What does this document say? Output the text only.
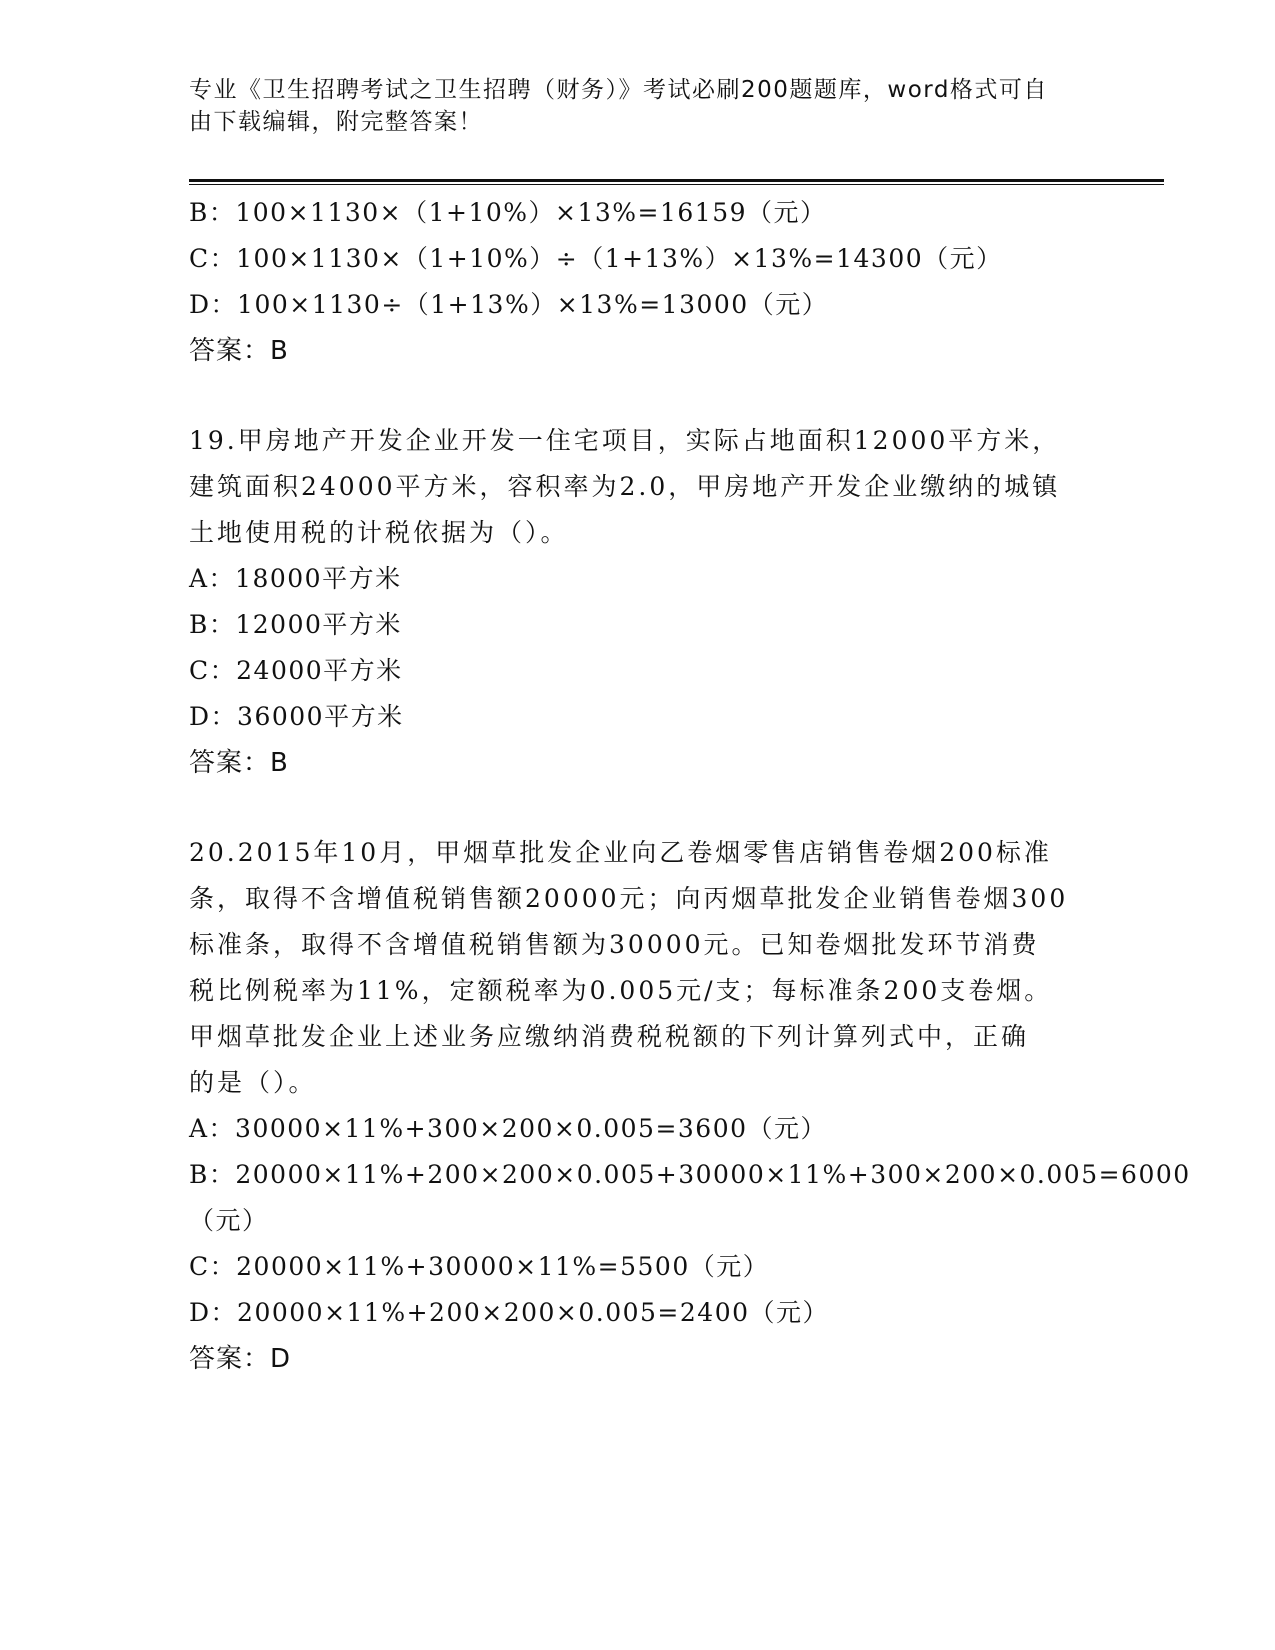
专业《卫生招聘考试之卫生招聘（财务）》考试必刷200题题库，word格式可自由下载编辑，附完整答案！
B：100×1130×（1+10%）×13%=16159（元）
C：100×1130×（1+10%）÷（1+13%）×13%=14300（元）
D：100×1130÷（1+13%）×13%=13000（元）
答案：B
19.甲房地产开发企业开发一住宅项目，实际占地面积12000平方米，
建筑面积24000平方米，容积率为2.0，甲房地产开发企业缴纳的城镇
土地使用税的计税依据为（）。
A：18000平方米
B：12000平方米
C：24000平方米
D：36000平方米
答案：B
20.2015年10月，甲烟草批发企业向乙卷烟零售店销售卷烟200标准
条，取得不含增值税销售额20000元；向丙烟草批发企业销售卷烟300
标准条，取得不含增值税销售额为30000元。已知卷烟批发环节消费
税比例税率为11%，定额税率为0.005元/支；每标准条200支卷烟。
甲烟草批发企业上述业务应缴纳消费税税额的下列计算列式中，正确
的是（）。
A：30000×11%+300×200×0.005=3600（元）
B：20000×11%+200×200×0.005+30000×11%+300×200×0.005=6000
（元）
C：20000×11%+30000×11%=5500（元）
D：20000×11%+200×200×0.005=2400（元）
答案：D
